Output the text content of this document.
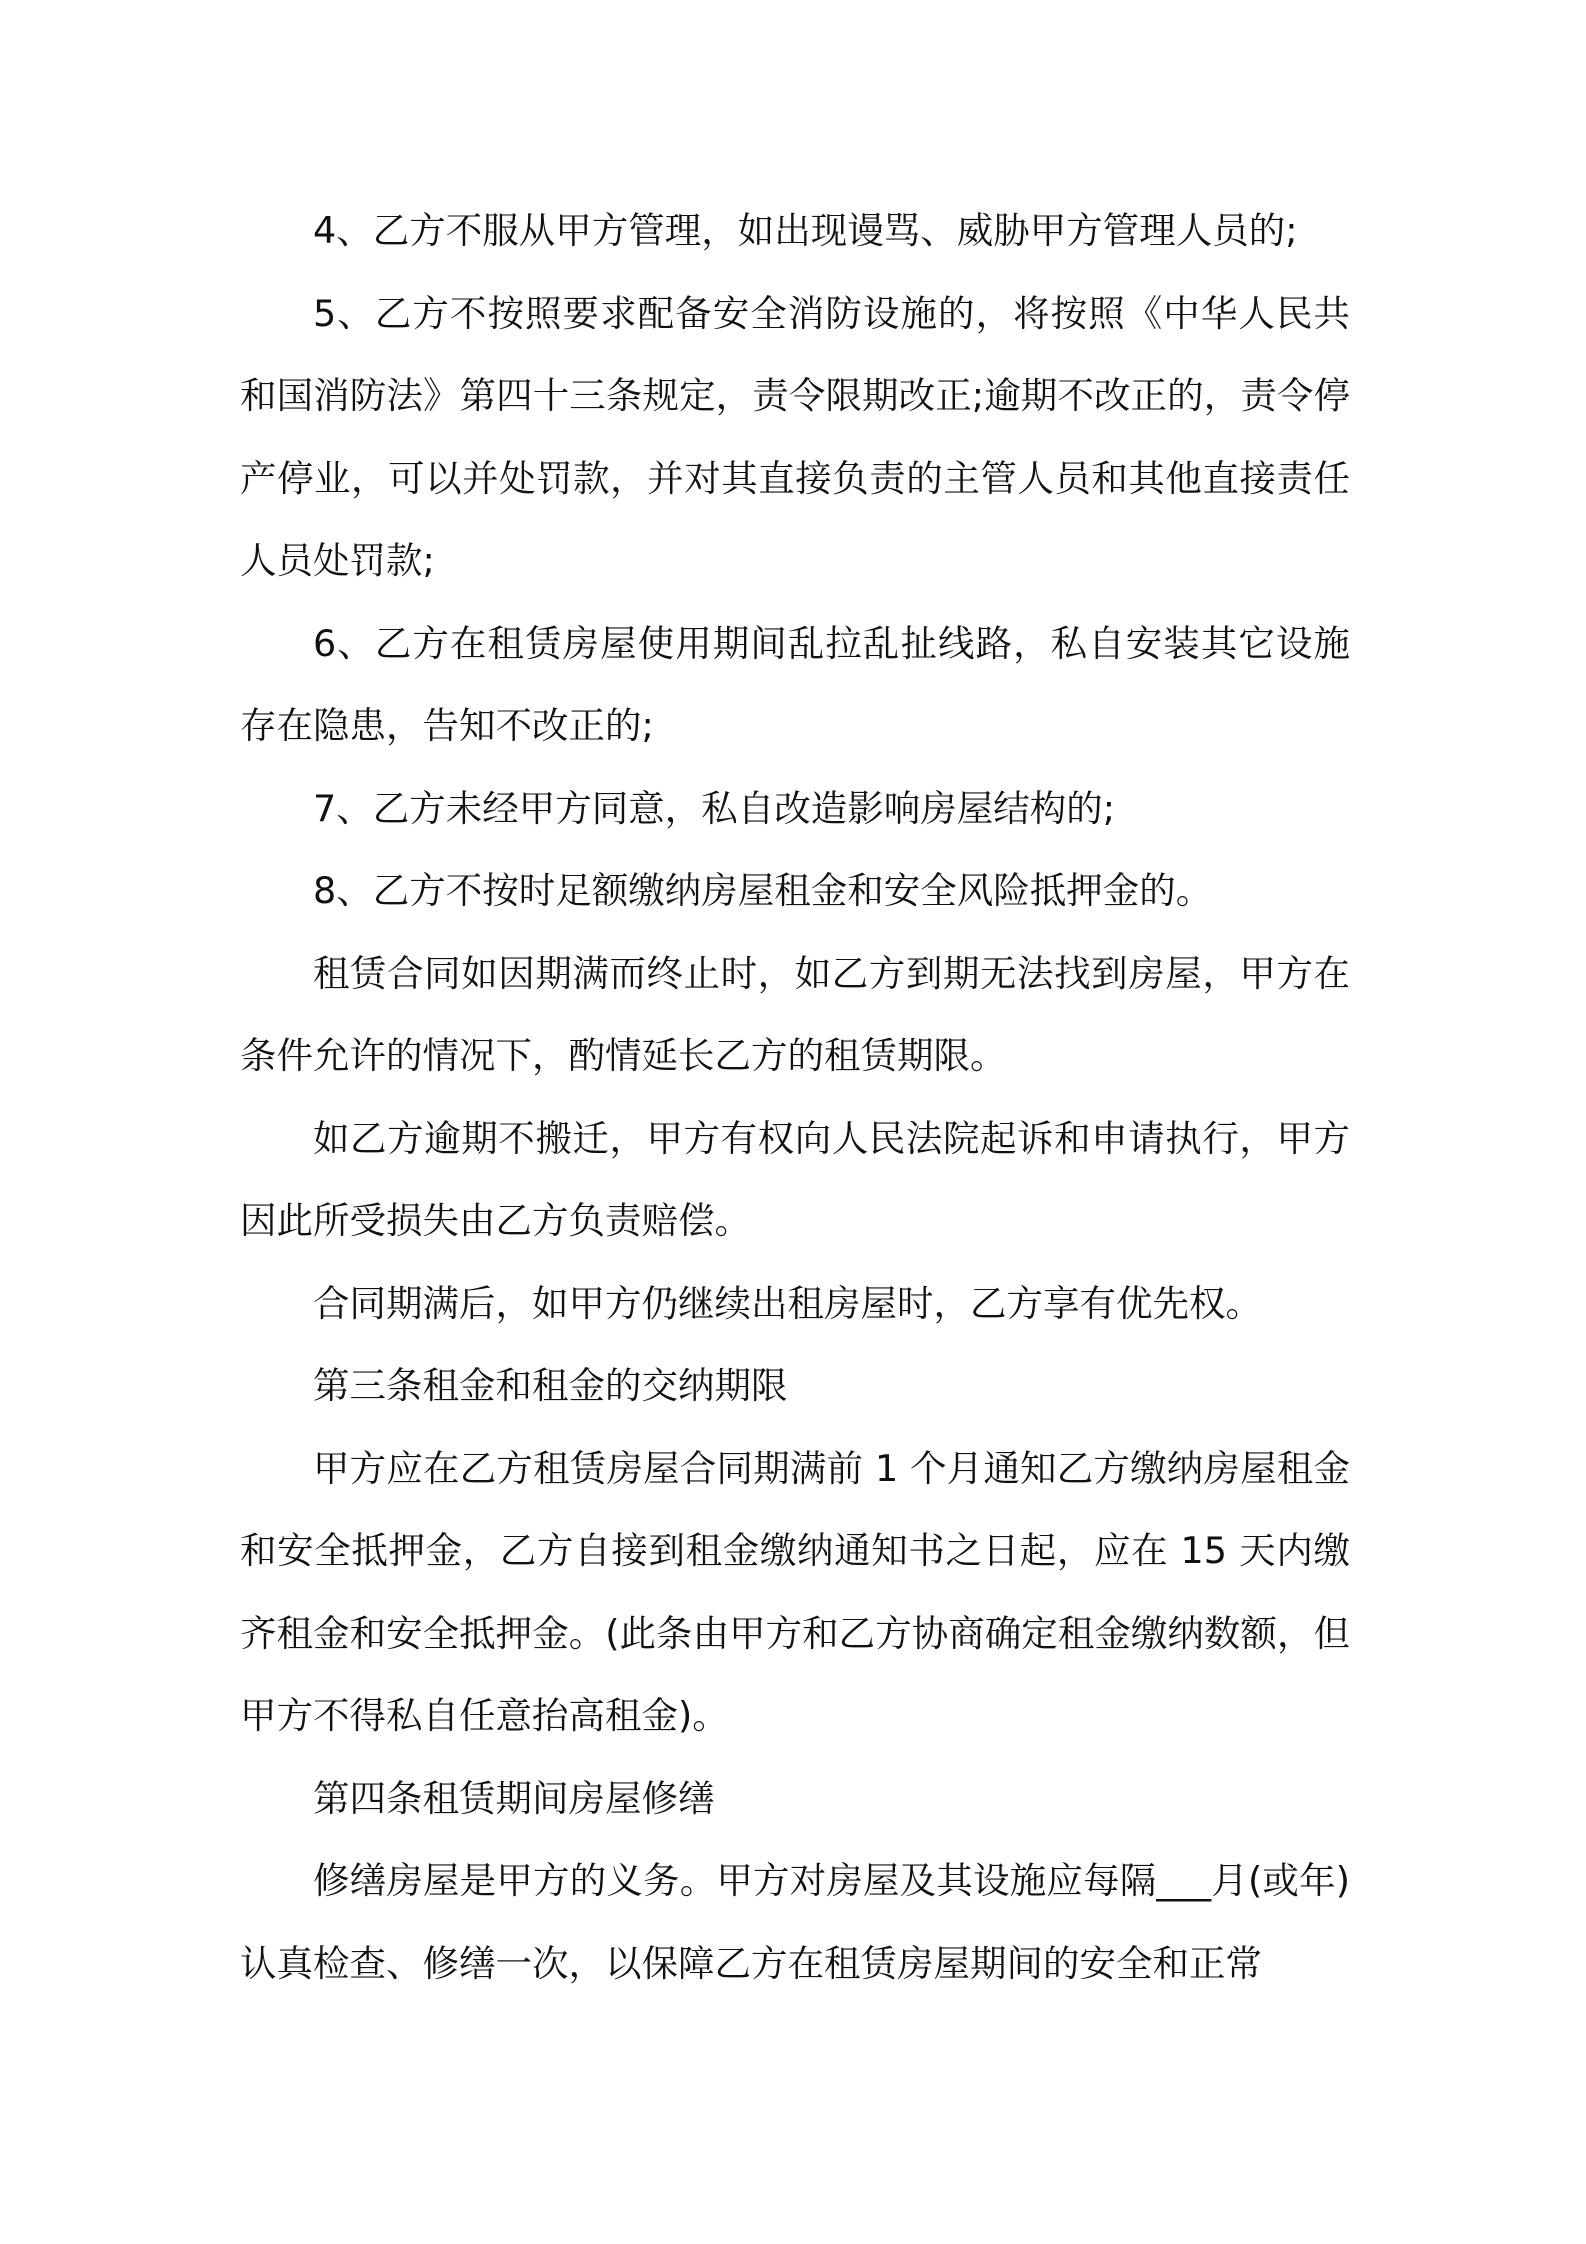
4、乙方不服从甲方管理，如出现谩骂、威胁甲方管理人员的;

5、乙方不按照要求配备安全消防设施的，将按照《中华人民共和国消防法》第四十三条规定，责令限期改正;逾期不改正的，责令停产停业，可以并处罚款，并对其直接负责的主管人员和其他直接责任人员处罚款;

6、乙方在租赁房屋使用期间乱拉乱扯线路，私自安装其它设施存在隐患，告知不改正的;

7、乙方未经甲方同意，私自改造影响房屋结构的;

8、乙方不按时足额缴纳房屋租金和安全风险抵押金的。

租赁合同如因期满而终止时，如乙方到期无法找到房屋，甲方在条件允许的情况下，酌情延长乙方的租赁期限。

如乙方逾期不搬迁，甲方有权向人民法院起诉和申请执行，甲方因此所受损失由乙方负责赔偿。

合同期满后，如甲方仍继续出租房屋时，乙方享有优先权。

第三条租金和租金的交纳期限

甲方应在乙方租赁房屋合同期满前 1 个月通知乙方缴纳房屋租金和安全抵押金，乙方自接到租金缴纳通知书之日起，应在 15 天内缴齐租金和安全抵押金。(此条由甲方和乙方协商确定租金缴纳数额，但甲方不得私自任意抬高租金)。

第四条租赁期间房屋修缮

修缮房屋是甲方的义务。甲方对房屋及其设施应每隔___月(或年)认真检查、修缮一次，以保障乙方在租赁房屋期间的安全和正常
